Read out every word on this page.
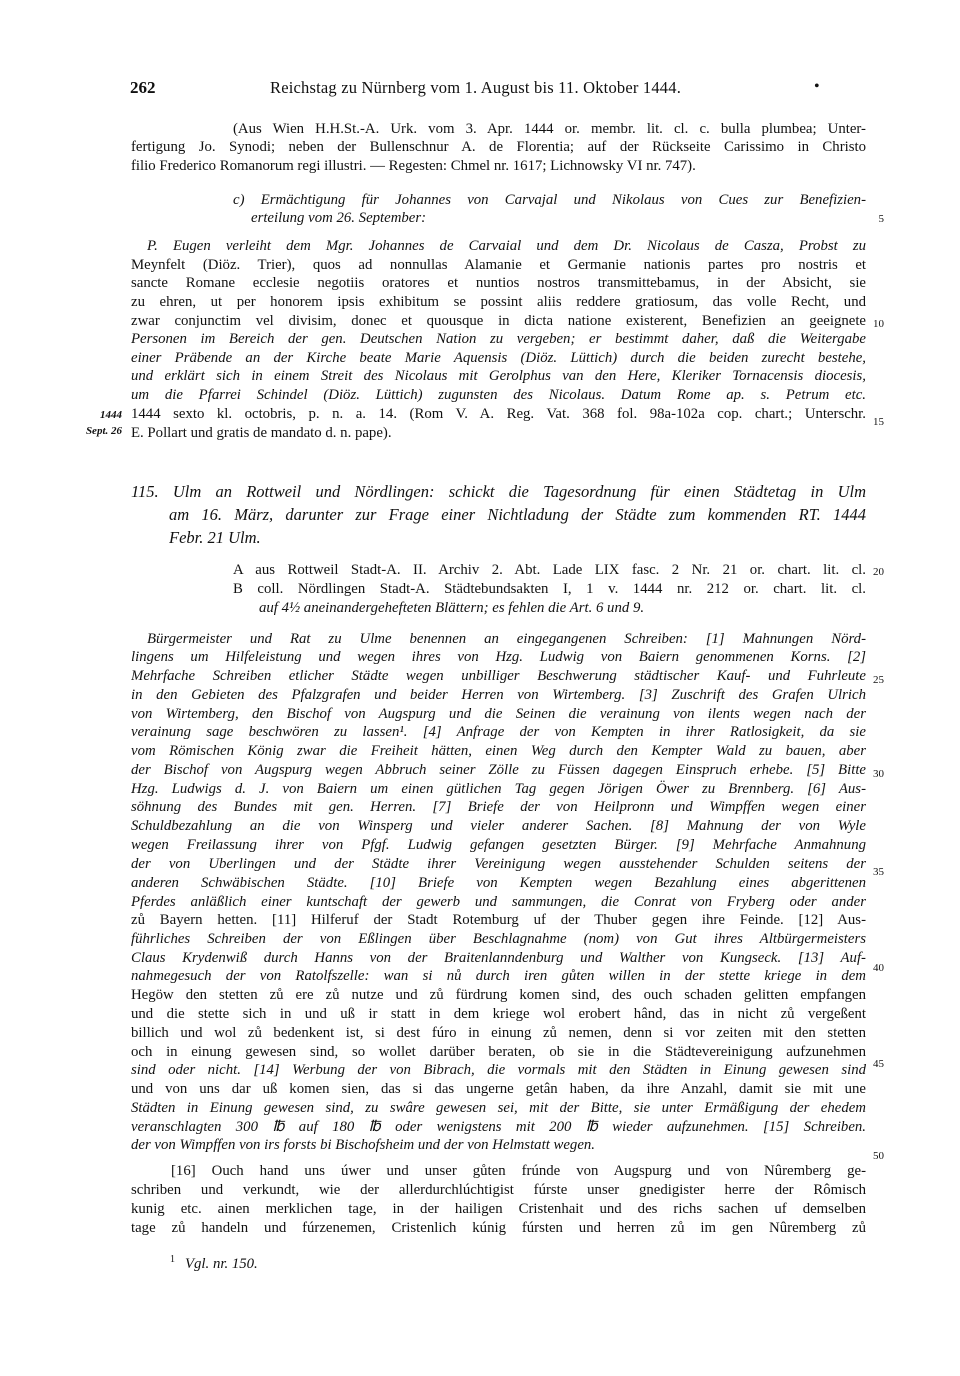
262	Reichstag zu Nürnberg vom 1. August bis 11. Oktober 1444.	•
(Aus Wien H.H.St.-A. Urk. vom 3. Apr. 1444 or. membr. lit. cl. c. bulla plumbea; Unter-
fertigung Jo. Synodi; neben der Bullenschnur A. de Florentia; auf der Rückseite Carissimo in Christo
filio Frederico Romanorum regi illustri. — Regesten: Chmel nr. 1617; Lichnowsky VI nr. 747).
c) Ermächtigung für Johannes von Carvajal und Nikolaus von Cues zur Benefizien-
erteilung vom 26. September:
P. Eugen verleiht dem Mgr. Johannes de Carvaial und dem Dr. Nicolaus de Casza, Probst zu
Meynfelt (Diöz. Trier), quos ad nonnullas Alamanie et Germanie nationis partes pro nostris et
sancte Romane ecclesie negotiis oratores et nuntios nostros transmittebamus, in der Absicht, sie
zu ehren, ut per honorem ipsis exhibitum se possint aliis reddere gratiosum, das volle Recht, und
zwar conjunctim vel divisim, donec et quousque in dicta natione existerent, Benefizien an geeignete
Personen im Bereich der gen. Deutschen Nation zu vergeben; er bestimmt daher, daß die Weitergabe
einer Präbende an der Kirche beate Marie Aquensis (Diöz. Lüttich) durch die beiden zurecht bestehe,
und erklärt sich in einem Streit des Nicolaus mit Gerolphus van den Here, Kleriker Tornacensis diocesis,
um die Pfarrei Schindel (Diöz. Lüttich) zugunsten des Nicolaus. Datum Rome ap. s. Petrum etc.
1444 sexto kl. octobris, p. n. a. 14. (Rom V. A. Reg. Vat. 368 fol. 98a-102a cop. chart.; Unterschr.
E. Pollart und gratis de mandato d. n. pape).
115. Ulm an Rottweil und Nördlingen: schickt die Tagesordnung für einen Städtetag in Ulm
am 16. März, darunter zur Frage einer Nichtladung der Städte zum kommenden RT. 1444
Febr. 21 Ulm.
A aus Rottweil Stadt-A. II. Archiv 2. Abt. Lade LIX fasc. 2 Nr. 21 or. chart. lit. cl.
B coll. Nördlingen Stadt-A. Städtebundsakten I, 1 v. 1444 nr. 212 or. chart. lit. cl.
auf 4½ aneinandergehefteten Blättern; es fehlen die Art. 6 und 9.
Bürgermeister und Rat zu Ulme benennen an eingegangenen Schreiben: [1] Mahnungen Nörd-
lingens um Hilfeleistung und wegen ihres von Hzg. Ludwig von Baiern genommenen Korns. [2]
Mehrfache Schreiben etlicher Städte wegen unbilliger Beschwerung städtischer Kauf- und Fuhrleute
in den Gebieten des Pfalzgrafen und beider Herren von Wirtemberg. [3] Zuschrift des Grafen Ulrich
von Wirtemberg, den Bischof von Augspurg und die Seinen die verainung von ilents wegen nach der
verainung sage beschwören zu lassen¹. [4] Anfrage der von Kempten in ihrer Ratlosigkeit, da sie
vom Römischen König zwar die Freiheit hätten, einen Weg durch den Kempter Wald zu bauen, aber
der Bischof von Augspurg wegen Abbruch seiner Zölle zu Füssen dagegen Einspruch erhebe. [5] Bitte
Hzg. Ludwigs d. J. von Baiern um einen gütlichen Tag gegen Jörigen Öwer zu Brennberg. [6] Aus-
söhnung des Bundes mit gen. Herren. [7] Briefe der von Heilpronn und Wimpffen wegen einer
Schuldbezahlung an die von Winsperg und vieler anderer Sachen. [8] Mahnung der von Wyle
wegen Freilassung ihrer von Pfgf. Ludwig gefangen gesetzten Bürger. [9] Mehrfache Anmahnung
der von Uberlingen und der Städte ihrer Vereinigung wegen ausstehender Schulden seitens der
anderen Schwäbischen Städte. [10] Briefe von Kempten wegen Bezahlung eines abgerittenen
Pferdes anläßlich einer kuntschaft der gewerb und sammungen, die Conrat von Fryberg oder ander
zů Bayern hetten. [11] Hilferuf der Stadt Rotemburg uf der Thuber gegen ihre Feinde. [12] Aus-
führliches Schreiben der von Eßlingen über Beschlagnahme (nom) von Gut ihres Altbürgermeisters
Claus Krydenwiß durch Hanns von der Braitenlanndenburg und Walther von Kungseck. [13] Auf-
nahmegesuch der von Ratolfszelle: wan si nů durch iren gůten willen in der stette kriege in dem
Hegöw den stetten zů ere zů nutze und zů fürdrung komen sind, des ouch schaden gelitten empfangen
und die stette sich in und uß ir statt in dem kriege wol erobert hând, das in nicht zů vergeßent
billich und wol zů bedenkent ist, si dest fúro in einung zů nemen, denn si vor zeiten mit den stetten
och in einung gewesen sind, so wollet darüber beraten, ob sie in die Städtevereinigung aufzunehmen
sind oder nicht. [14] Werbung der von Bibrach, die vormals mit den Städten in Einung gewesen sind
und von uns dar uß komen sien, das si das ungerne getân haben, da ihre Anzahl, damit sie mit une
Städten in Einung gewesen sind, zu swâre gewesen sei, mit der Bitte, sie unter Ermäßigung der ehedem
veranschlagten 300 ℔ auf 180 ℔ oder wenigstens mit 200 ℔ wieder aufzunehmen. [15] Schreiben.
der von Wimpffen von irs forsts bi Bischofsheim und der von Helmstatt wegen.
[16] Ouch hand uns úwer und unser gůten frúnde von Augspurg und von Nûremberg ge-
schriben und verkundt, wie der allerdurchlúchtigist fúrste unser gnedigister herre der Rômisch
kunig etc. ainen merklichen tage, in der hailigen Cristenhait und des richs sachen uf demselben
tage zů handeln und fúrzenemen, Cristenlich kúnig fúrsten und herren zů im gen Nûremberg zů
1444
Sept. 26
5
10
15
20
25
30
35
40
45
50
$^1$ Vgl. nr. 150.
